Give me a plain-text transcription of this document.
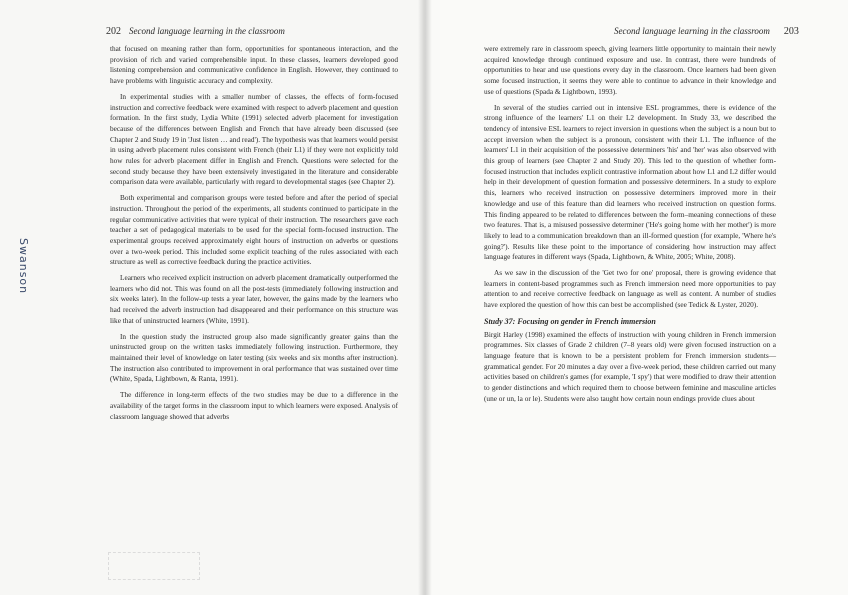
202 Second language learning in the classroom

that focused on meaning rather than form, opportunities for spontaneous interaction, and the provision of rich and varied comprehensible input. In these classes, learners developed good listening comprehension and communicative confidence in English. However, they continued to have problems with linguistic accuracy and complexity.

In experimental studies with a smaller number of classes, the effects of form-focused instruction and corrective feedback were examined with respect to adverb placement and question formation. In the first study, Lydia White (1991) selected adverb placement for investigation because of the differences between English and French that have already been discussed (see Chapter 2 and Study 19 in 'Just listen … and read'). The hypothesis was that learners would persist in using adverb placement rules consistent with French (their L1) if they were not explicitly told how rules for adverb placement differ in English and French. Questions were selected for the second study because they have been extensively investigated in the literature and considerable comparison data were available, particularly with regard to developmental stages (see Chapter 2).

Both experimental and comparison groups were tested before and after the period of special instruction. Throughout the period of the experiments, all students continued to participate in the regular communicative activities that were typical of their instruction. The researchers gave each teacher a set of pedagogical materials to be used for the special form-focused instruction. The experimental groups received approximately eight hours of instruction on adverbs or questions over a two-week period. This included some explicit teaching of the rules associated with each structure as well as corrective feedback during the practice activities.

Learners who received explicit instruction on adverb placement dramatically outperformed the learners who did not. This was found on all the post-tests (immediately following instruction and six weeks later). In the follow-up tests a year later, however, the gains made by the learners who had received the adverb instruction had disappeared and their performance on this structure was like that of uninstructed learners (White, 1991).

In the question study the instructed group also made significantly greater gains than the uninstructed group on the written tasks immediately following instruction. Furthermore, they maintained their level of knowledge on later testing (six weeks and six months after instruction). The instruction also contributed to improvement in oral performance that was sustained over time (White, Spada, Lightbown, & Ranta, 1991).

The difference in long-term effects of the two studies may be due to a difference in the availability of the target forms in the classroom input to which learners were exposed. Analysis of classroom language showed that adverbs

Swanson
Second language learning in the classroom 203

were extremely rare in classroom speech, giving learners little opportunity to maintain their newly acquired knowledge through continued exposure and use. In contrast, there were hundreds of opportunities to hear and use questions every day in the classroom. Once learners had been given some focused instruction, it seems they were able to continue to advance in their knowledge and use of questions (Spada & Lightbown, 1993).

In several of the studies carried out in intensive ESL programmes, there is evidence of the strong influence of the learners' L1 on their L2 development. In Study 33, we described the tendency of intensive ESL learners to reject inversion in questions when the subject is a noun but to accept inversion when the subject is a pronoun, consistent with their L1. The influence of the learners' L1 in their acquisition of the possessive determiners 'his' and 'her' was also observed with this group of learners (see Chapter 2 and Study 20). This led to the question of whether form-focused instruction that includes explicit contrastive information about how L1 and L2 differ would help in their development of question formation and possessive determiners. In a study to explore this, learners who received instruction on possessive determiners improved more in their knowledge and use of this feature than did learners who received instruction on question forms. This finding appeared to be related to differences between the form–meaning connections of these two features. That is, a misused possessive determiner ('He's going home with her mother') is more likely to lead to a communication breakdown than an ill-formed question (for example, 'Where he's going?'). Results like these point to the importance of considering how instruction may affect language features in different ways (Spada, Lightbown, & White, 2005; White, 2008).

As we saw in the discussion of the 'Get two for one' proposal, there is growing evidence that learners in content-based programmes such as French immersion need more opportunities to pay attention to and receive corrective feedback on language as well as content. A number of studies have explored the question of how this can best be accomplished (see Tedick & Lyster, 2020).

Study 37: Focusing on gender in French immersion

Birgit Harley (1998) examined the effects of instruction with young children in French immersion programmes. Six classes of Grade 2 children (7–8 years old) were given focused instruction on a language feature that is known to be a persistent problem for French immersion students—grammatical gender. For 20 minutes a day over a five-week period, these children carried out many activities based on children's games (for example, 'I spy') that were modified to draw their attention to gender distinctions and which required them to choose between feminine and masculine articles (une or un, la or le). Students were also taught how certain noun endings provide clues about
